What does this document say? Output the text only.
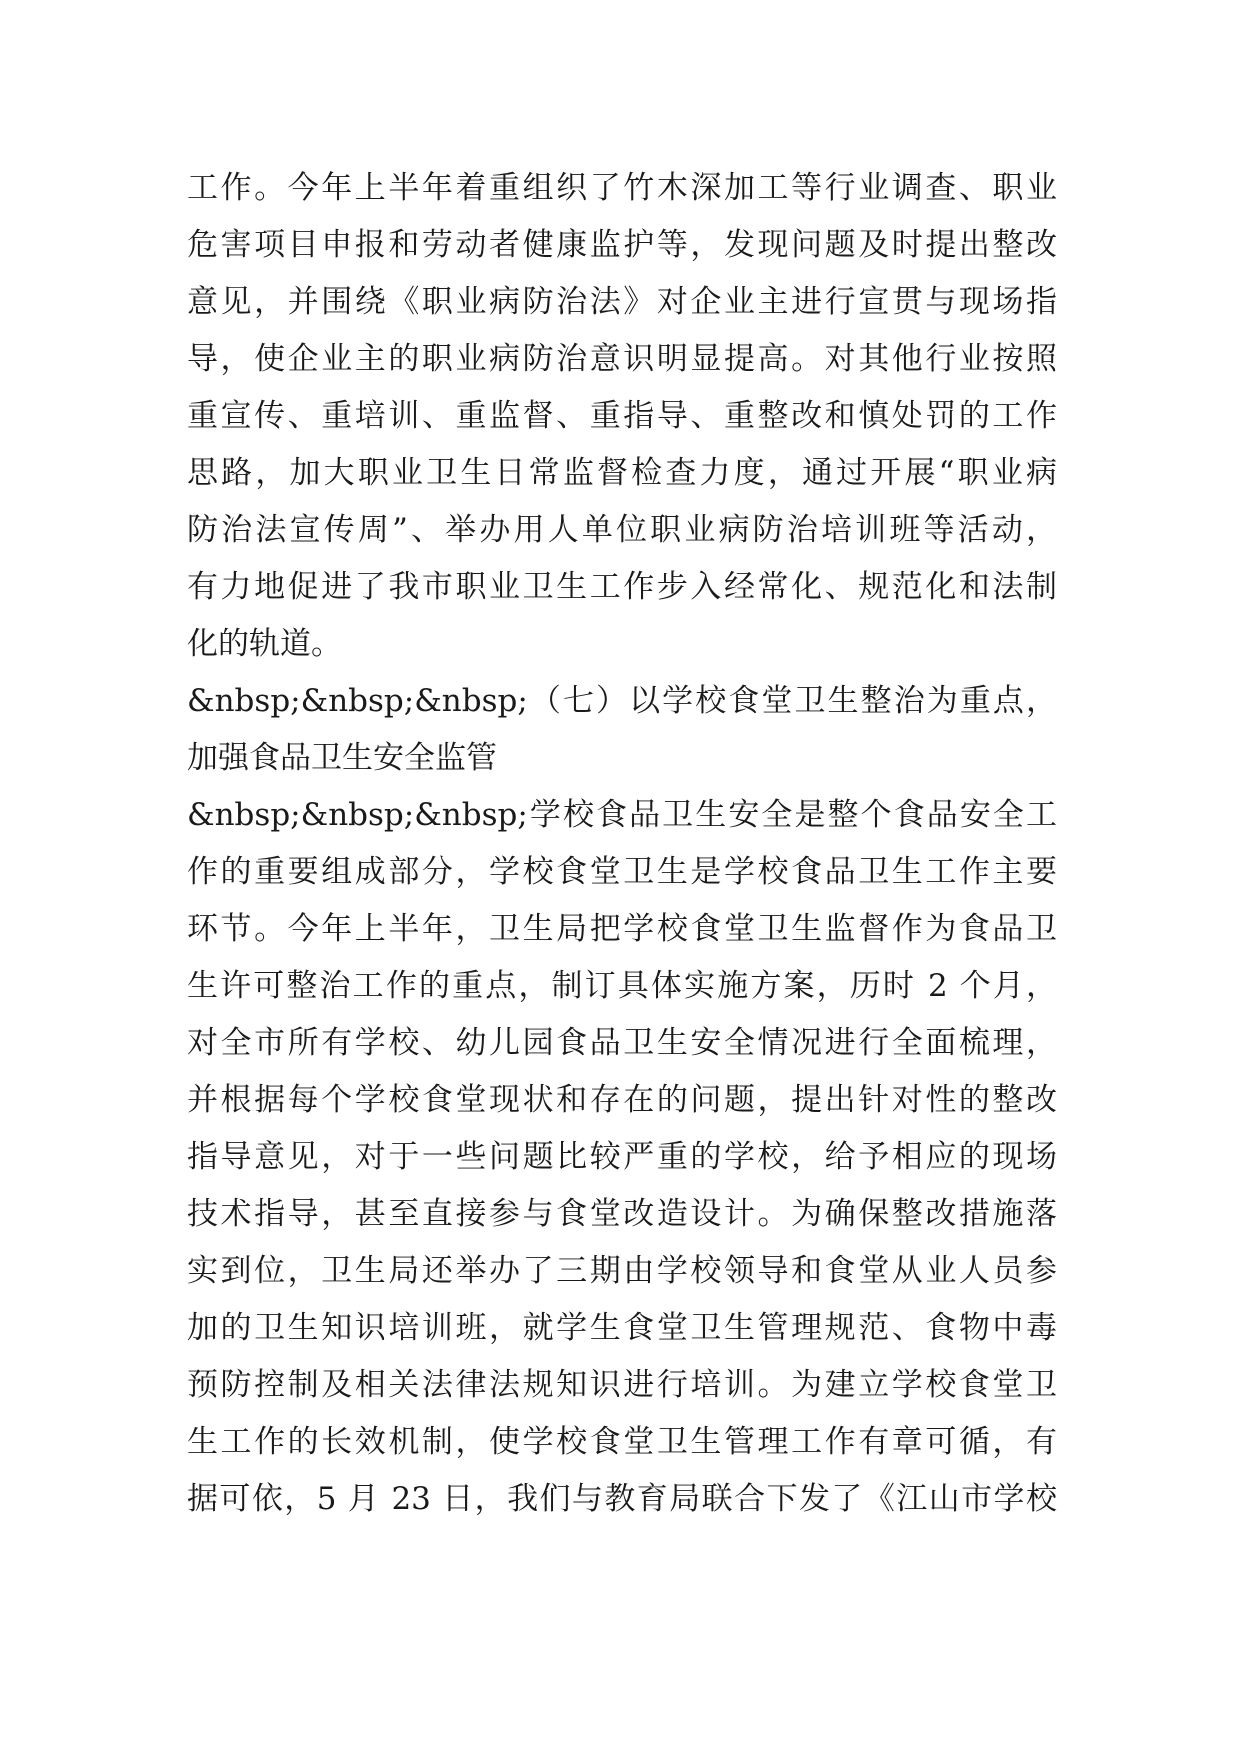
工作。今年上半年着重组织了竹木深加工等行业调查、职业
危害项目申报和劳动者健康监护等，发现问题及时提出整改
意见，并围绕《职业病防治法》对企业主进行宣贯与现场指
导，使企业主的职业病防治意识明显提高。对其他行业按照
重宣传、重培训、重监督、重指导、重整改和慎处罚的工作
思路，加大职业卫生日常监督检查力度，通过开展“职业病
防治法宣传周”、举办用人单位职业病防治培训班等活动，
有力地促进了我市职业卫生工作步入经常化、规范化和法制
化的轨道。
&nbsp;&nbsp;&nbsp;（七）以学校食堂卫生整治为重点，
加强食品卫生安全监管
&nbsp;&nbsp;&nbsp;学校食品卫生安全是整个食品安全工
作的重要组成部分，学校食堂卫生是学校食品卫生工作主要
环节。今年上半年，卫生局把学校食堂卫生监督作为食品卫
生许可整治工作的重点，制订具体实施方案，历时 2 个月，
对全市所有学校、幼儿园食品卫生安全情况进行全面梳理，
并根据每个学校食堂现状和存在的问题，提出针对性的整改
指导意见，对于一些问题比较严重的学校，给予相应的现场
技术指导，甚至直接参与食堂改造设计。为确保整改措施落
实到位，卫生局还举办了三期由学校领导和食堂从业人员参
加的卫生知识培训班，就学生食堂卫生管理规范、食物中毒
预防控制及相关法律法规知识进行培训。为建立学校食堂卫
生工作的长效机制，使学校食堂卫生管理工作有章可循，有
据可依，5 月 23 日，我们与教育局联合下发了《江山市学校
